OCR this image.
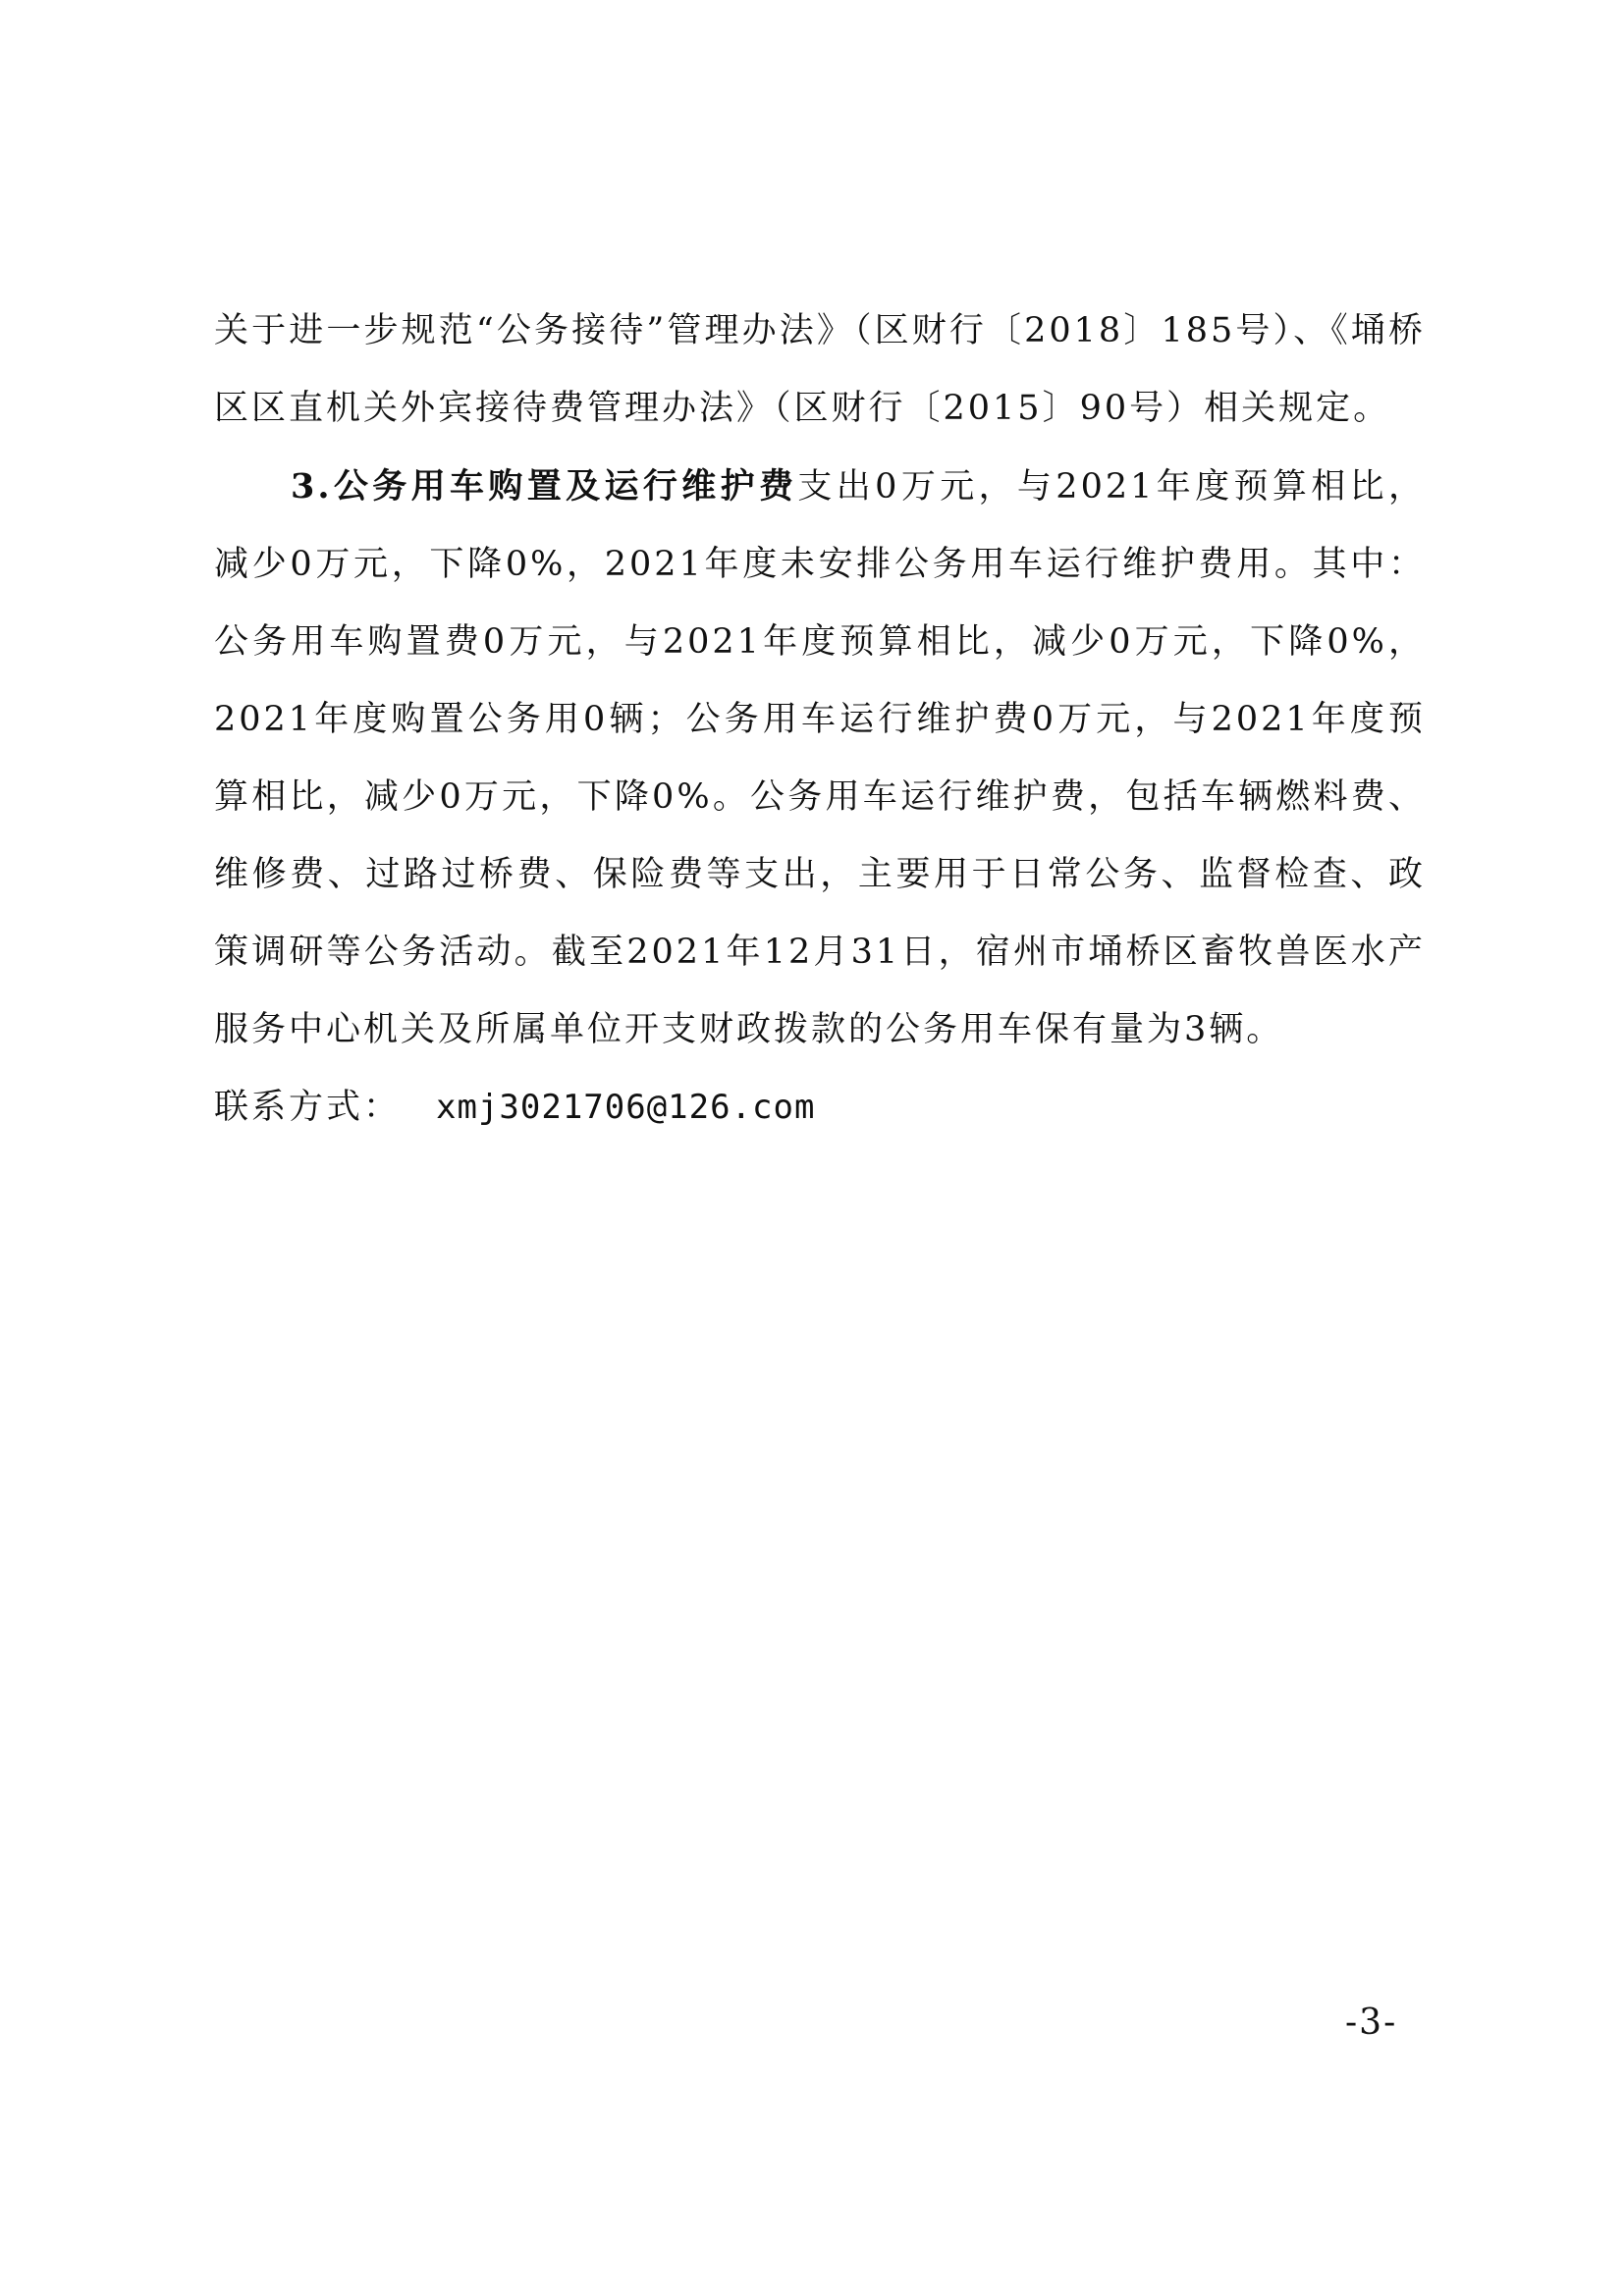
关于进一步规范“公务接待”管理办法》（区财行〔2018〕185号）、《埇桥区区直机关外宾接待费管理办法》（区财行〔2015〕90号）相关规定。

3.公务用车购置及运行维护费支出0万元，与2021年度预算相比，减少0万元，下降0%，2021年度未安排公务用车运行维护费用。其中：公务用车购置费0万元，与2021年度预算相比，减少0万元，下降0%，2021年度购置公务用0辆；公务用车运行维护费0万元，与2021年度预算相比，减少0万元，下降0%。公务用车运行维护费，包括车辆燃料费、维修费、过路过桥费、保险费等支出，主要用于日常公务、监督检查、政策调研等公务活动。截至2021年12月31日，宿州市埇桥区畜牧兽医水产服务中心机关及所属单位开支财政拨款的公务用车保有量为3辆。

联系方式： xmj3021706@126.com

-3-
